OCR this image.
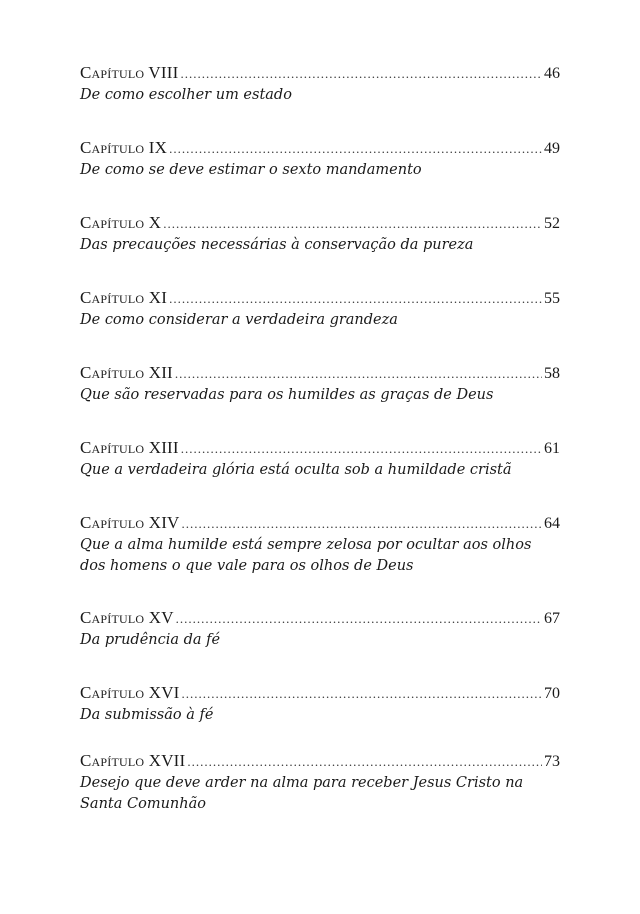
Capítulo VIII .....	46
De como escolher um estado
Capítulo IX .....	49
De como se deve estimar o sexto mandamento
Capítulo X .....	52
Das precauções necessárias à conservação da pureza
Capítulo XI .....	55
De como considerar a verdadeira grandeza
Capítulo XII .....	58
Que são reservadas para os humildes as graças de Deus
Capítulo XIII .....	61
Que a verdadeira glória está oculta sob a humildade cristã
Capítulo XIV .....	64
Que a alma humilde está sempre zelosa por ocultar aos olhos dos homens o que vale para os olhos de Deus
Capítulo XV .....	67
Da prudência da fé
Capítulo XVI .....	70
Da submissão à fé
Capítulo XVII .....	73
Desejo que deve arder na alma para receber Jesus Cristo na Santa Comunhão
